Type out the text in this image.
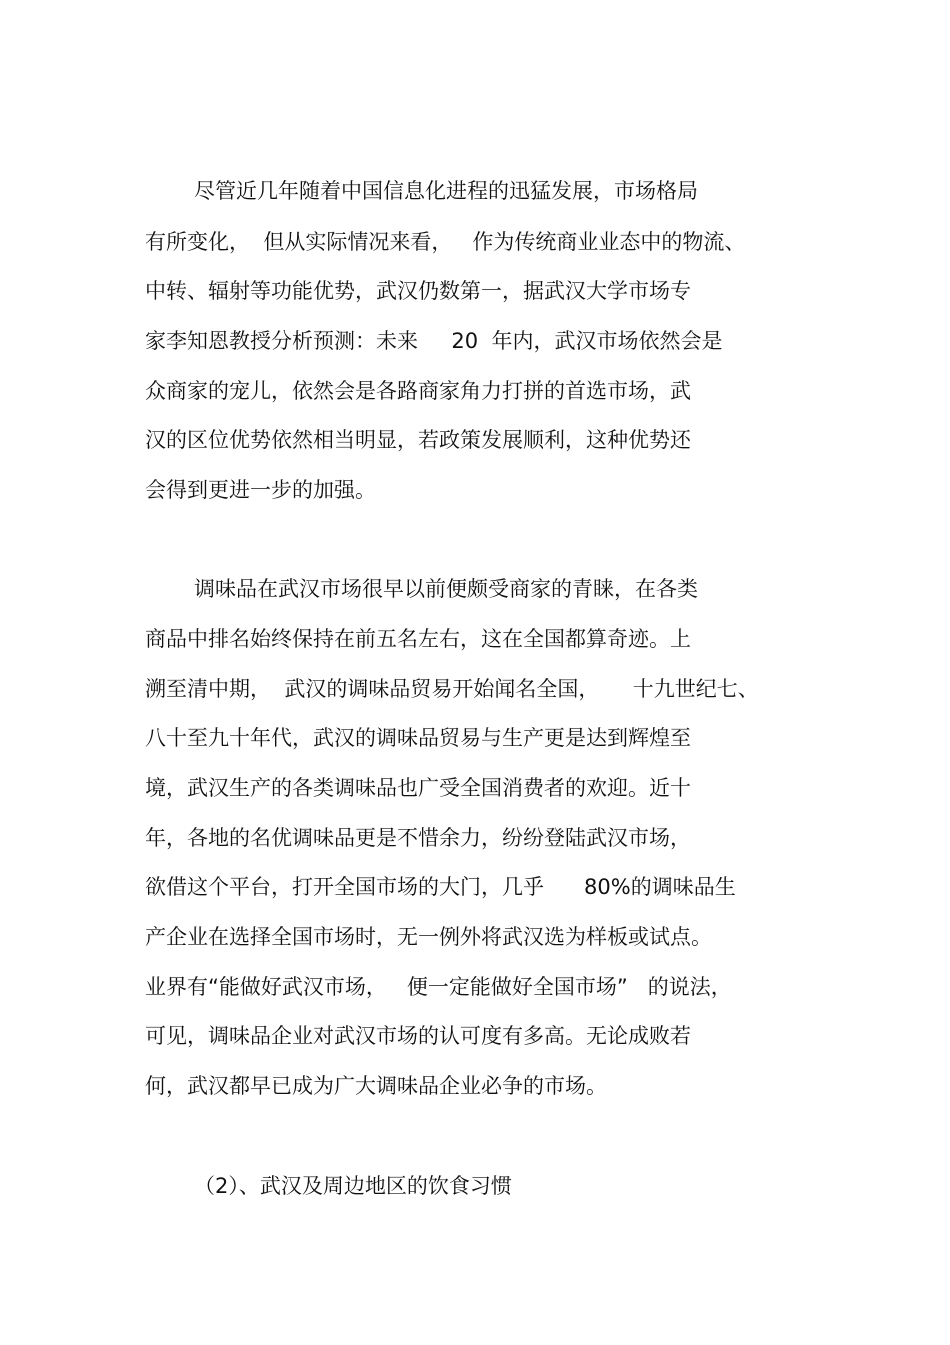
尽管近几年随着中国信息化进程的迅猛发展，市场格局
有所变化，  但从实际情况来看，   作为传统商业业态中的物流、
中转、辐射等功能优势，武汉仍数第一，据武汉大学市场专
家李知恩教授分析预测：未来     20  年内，武汉市场依然会是
众商家的宠儿，依然会是各路商家角力打拼的首选市场，武
汉的区位优势依然相当明显，若政策发展顺利，这种优势还
会得到更进一步的加强。
调味品在武汉市场很早以前便颇受商家的青睐，在各类
商品中排名始终保持在前五名左右，这在全国都算奇迹。上
溯至清中期，  武汉的调味品贸易开始闻名全国，     十九世纪七、
八十至九十年代，武汉的调味品贸易与生产更是达到辉煌至
境，武汉生产的各类调味品也广受全国消费者的欢迎。近十
年，各地的名优调味品更是不惜余力，纷纷登陆武汉市场，
欲借这个平台，打开全国市场的大门，几乎      80%的调味品生
产企业在选择全国市场时，无一例外将武汉选为样板或试点。
业界有“能做好武汉市场，   便一定能做好全国市场”   的说法，
可见，调味品企业对武汉市场的认可度有多高。无论成败若
何，武汉都早已成为广大调味品企业必争的市场。
（2）、武汉及周边地区的饮食习惯
